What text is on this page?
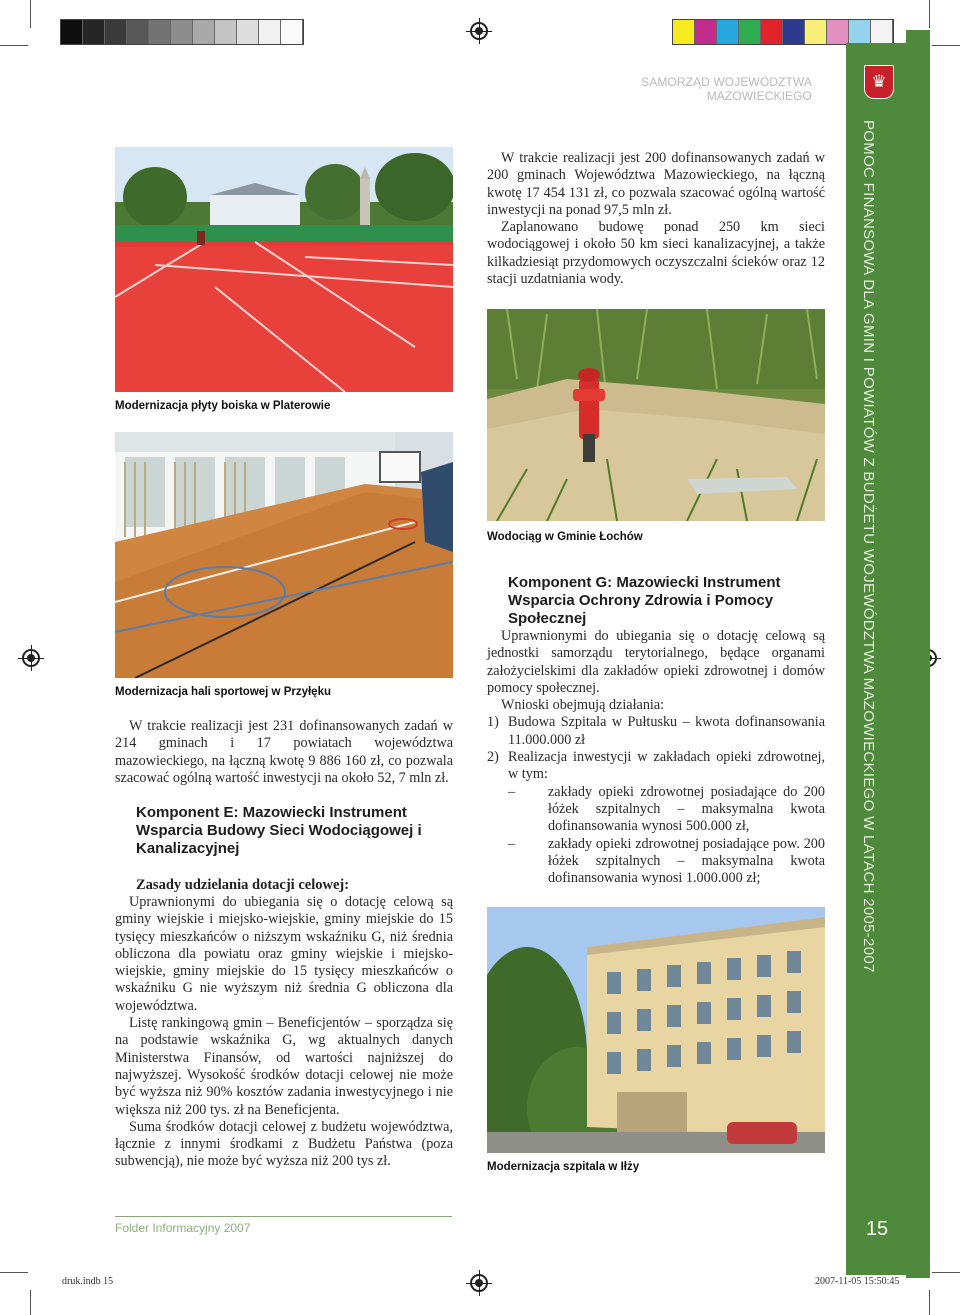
SAMORZĄD WOJEWÓDZTWA MAZOWIECKIEGO
♛
POMOC FINANSOWA DLA GMIN I POWIATÓW Z BUDŻETU WOJEWÓDZTWA MAZOWIECKIEGO W LATACH 2005-2007
15
Modernizacja płyty boiska w Platerowie
Modernizacja hali sportowej w Przyłęku

W trakcie realizacji jest 231 dofinansowanych zadań w 214 gminach i 17 powiatach województwa mazowieckiego, na łączną kwotę 9 886 160 zł, co pozwala szacować ogólną wartość inwestycji na około 52, 7 mln zł.

Komponent E: Mazowiecki Instrument Wsparcia Budowy Sieci Wodociągowej i Kanalizacyjnej
Zasady udzielania dotacji celowej:

Uprawnionymi do ubiegania się o dotację celową są gminy wiejskie i miejsko-wiejskie, gminy miejskie do 15 tysięcy mieszkańców o niższym wskaźniku G, niż średnia obliczona dla powiatu oraz gminy wiejskie i miejsko-wiejskie, gminy miejskie do 15 tysięcy mieszkańców o wskaźniku G nie wyższym niż średnia G obliczona dla województwa.

Listę rankingową gmin – Beneficjentów – sporządza się na podstawie wskaźnika G, wg aktualnych danych Ministerstwa Finansów, od wartości najniższej do najwyższej. Wysokość środków dotacji celowej nie może być wyższa niż 90% kosztów zadania inwestycyjnego i nie większa niż 200 tys. zł na Beneficjenta.

Suma środków dotacji celowej z budżetu województwa, łącznie z innymi środkami z Budżetu Państwa (poza subwencją), nie może być wyższa niż 200 tys zł.

W trakcie realizacji jest 200 dofinansowanych zadań w 200 gminach Województwa Mazowieckiego, na łączną kwotę 17 454 131 zł, co pozwala szacować ogólną wartość inwestycji na ponad 97,5 mln zł.

Zaplanowano budowę ponad 250 km sieci wodociągowej i około 50 km sieci kanalizacyjnej, a także kilkadziesiąt przydomowych oczyszczalni ścieków oraz 12 stacji uzdatniania wody.

Wodociąg w Gminie Łochów
Komponent G: Mazowiecki Instrument Wsparcia Ochrony Zdrowia i Pomocy Społecznej

Uprawnionymi do ubiegania się o dotację celową są jednostki samorządu terytorialnego, będące organami założycielskimi dla zakładów opieki zdrowotnej i domów pomocy społecznej.

Wnioski obejmują działania:

1) Budowa Szpitala w Pułtusku – kwota dofinansowania 11.000.000 zł
2) Realizacja inwestycji w zakładach opieki zdrowotnej, w tym:
–	zakłady opieki zdrowotnej posiadające do 200 łóżek szpitalnych – maksymalna kwota dofinansowania wynosi 500.000 zł,
–	zakłady opieki zdrowotnej posiadające pow. 200 łóżek szpitalnych – maksymalna kwota dofinansowania wynosi 1.000.000 zł;
Modernizacja szpitala w Iłży
Folder Informacyjny 2007
druk.indb 15	2007-11-05 15:50:45
